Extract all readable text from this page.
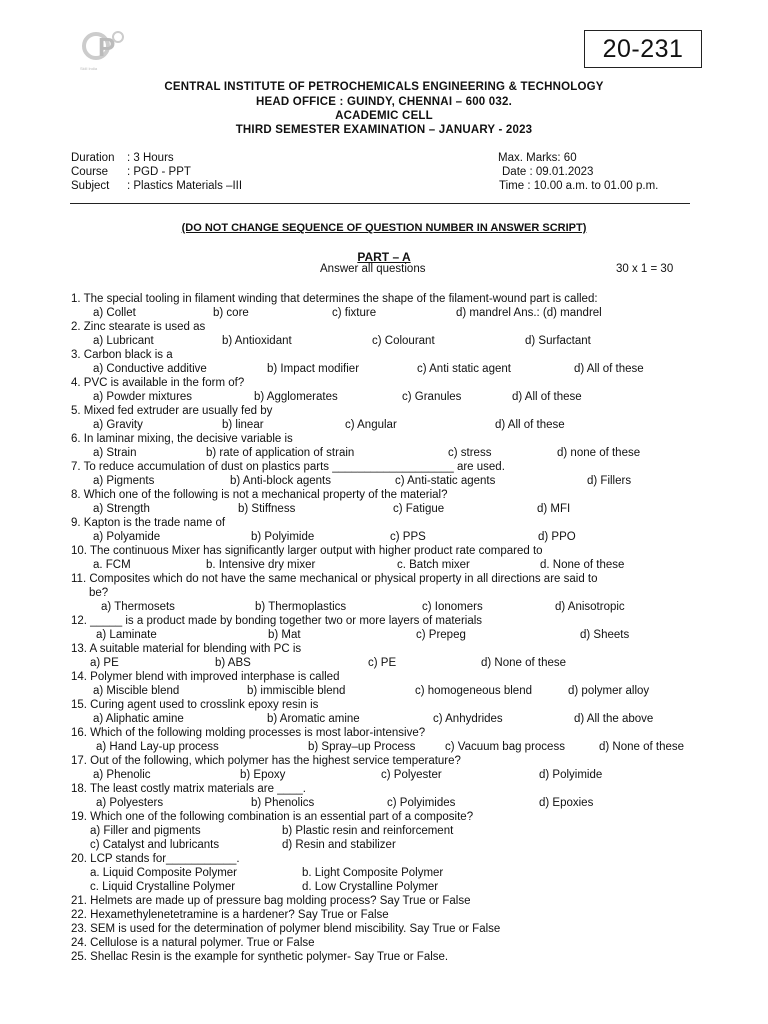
P
Skill India
20-231
CENTRAL INSTITUTE OF PETROCHEMICALS ENGINEERING & TECHNOLOGY
HEAD OFFICE : GUINDY, CHENNAI – 600 032.
ACADEMIC CELL
THIRD SEMESTER EXAMINATION – JANUARY - 2023
Duration : 3 Hours
Course : PGD - PPT
Subject : Plastics Materials –III
Max. Marks: 60
Date : 09.01.2023
Time : 10.00 a.m. to 01.00 p.m.
(DO NOT CHANGE SEQUENCE OF QUESTION NUMBER IN ANSWER SCRIPT)
PART – A
Answer all questions	30 x 1 = 30
1. The special tooling in filament winding that determines the shape of the filament-wound part is called:
a) Collet	b) core	c) fixture	d) mandrel Ans.: (d) mandrel
2. Zinc stearate is used as
a) Lubricant	b) Antioxidant	c) Colourant	d) Surfactant
3. Carbon black is a
a) Conductive additive	b) Impact modifier	c) Anti static agent	d) All of these
4. PVC is available in the form of?
a) Powder mixtures	b) Agglomerates	c) Granules	d) All of these
5. Mixed fed extruder are usually fed by
a) Gravity	b) linear	c) Angular	d) All of these
6. In laminar mixing, the decisive variable is
a) Strain	b) rate of application of strain	c) stress	d) none of these
7. To reduce accumulation of dust on plastics parts ___________________ are used.
a) Pigments	b) Anti-block agents	c) Anti-static agents	d) Fillers
8. Which one of the following is not a mechanical property of the material?
a) Strength	b) Stiffness	c) Fatigue	d) MFI
9. Kapton is the trade name of
a) Polyamide	b) Polyimide	c) PPS	d) PPO
10. The continuous Mixer has significantly larger output with higher product rate compared to
a. FCM	b. Intensive dry mixer	c. Batch mixer	d. None of these
11. Composites which do not have the same mechanical or physical property in all directions are said to
be?
a) Thermosets	b) Thermoplastics	c) Ionomers	d) Anisotropic
12. _____ is a product made by bonding together two or more layers of materials
a) Laminate	b) Mat	c) Prepeg	d) Sheets
13. A suitable material for blending with PC is
a) PE	b) ABS	c) PE	d) None of these
14. Polymer blend with improved interphase is called
a) Miscible blend	b) immiscible blend	c) homogeneous blend	d) polymer alloy
15. Curing agent used to crosslink epoxy resin is
a) Aliphatic amine	b) Aromatic amine	c) Anhydrides	d) All the above
16. Which of the following molding processes is most labor-intensive?
a) Hand Lay-up process	b) Spray–up Process	c) Vacuum bag process	d) None of these
17. Out of the following, which polymer has the highest service temperature?
a) Phenolic	b) Epoxy	c) Polyester	d) Polyimide
18. The least costly matrix materials are ____.
a) Polyesters	b) Phenolics	c) Polyimides	d) Epoxies
19. Which one of the following combination is an essential part of a composite?
a) Filler and pigments	b) Plastic resin and reinforcement
c) Catalyst and lubricants	d) Resin and stabilizer
20. LCP stands for___________.
a. Liquid Composite Polymer	b. Light Composite Polymer
c. Liquid Crystalline Polymer	d. Low Crystalline Polymer
21. Helmets are made up of pressure bag molding process? Say True or False
22. Hexamethylenetetramine is a hardener? Say True or False
23. SEM is used for the determination of polymer blend miscibility. Say True or False
24. Cellulose is a natural polymer. True or False
25. Shellac Resin is the example for synthetic polymer- Say True or False.
